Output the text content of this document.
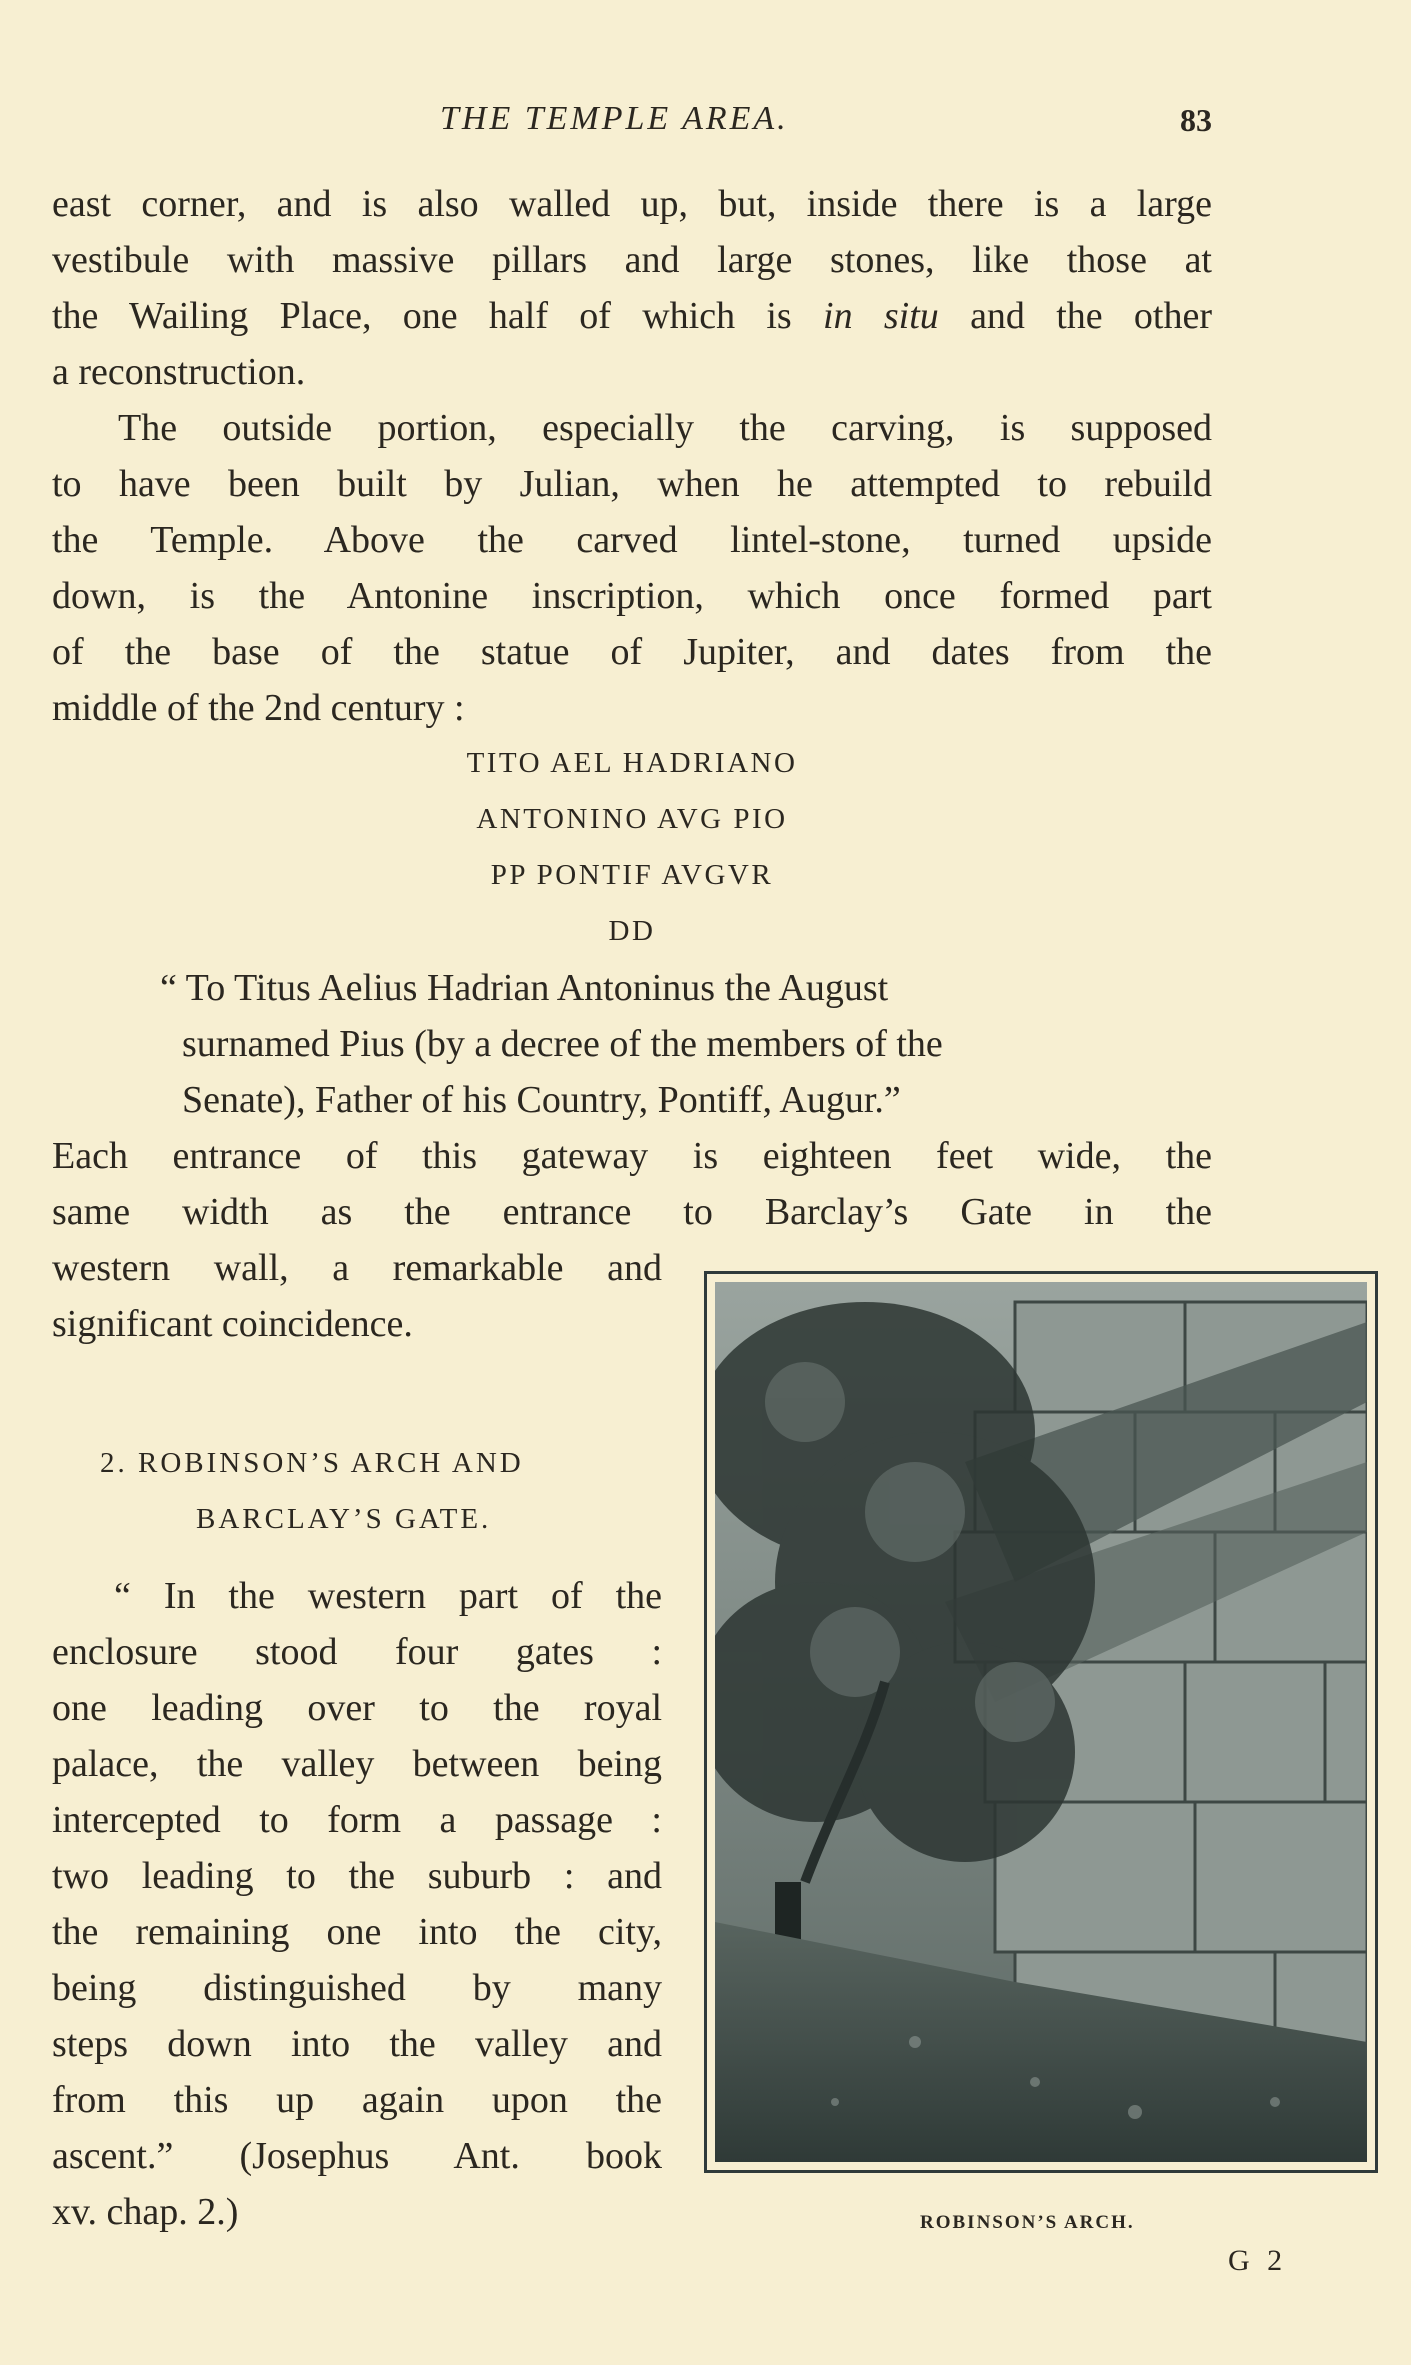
THE TEMPLE AREA.	83
east corner, and is also walled up, but, inside there is a large
vestibule with massive pillars and large stones, like those at
the Wailing Place, one half of which is in situ and the other
a reconstruction.
The outside portion, especially the carving, is supposed
to have been built by Julian, when he attempted to rebuild
the Temple. Above the carved lintel-stone, turned upside
down, is the Antonine inscription, which once formed part
of the base of the statue of Jupiter, and dates from the
middle of the 2nd century :
TITO AEL HADRIANO
ANTONINO AVG PIO
PP PONTIF AVGVR
DD
“ To Titus Aelius Hadrian Antoninus the August
surnamed Pius (by a decree of the members of the
Senate), Father of his Country, Pontiff, Augur.”
Each entrance of this gateway is eighteen feet wide, the
same width as the entrance to Barclay’s Gate in the
western wall, a remarkable and
significant coincidence.
2. ROBINSON’S ARCH AND
BARCLAY’S GATE.
“ In the western part of the
enclosure stood four gates :
one leading over to the royal
palace, the valley between being
intercepted to form a passage :
two leading to the suburb : and
the remaining one into the city,
being distinguished by many
steps down into the valley and
from this up again upon the
ascent.” (Josephus Ant. book
xv. chap. 2.)	ROBINSON’S ARCH.
G 2
